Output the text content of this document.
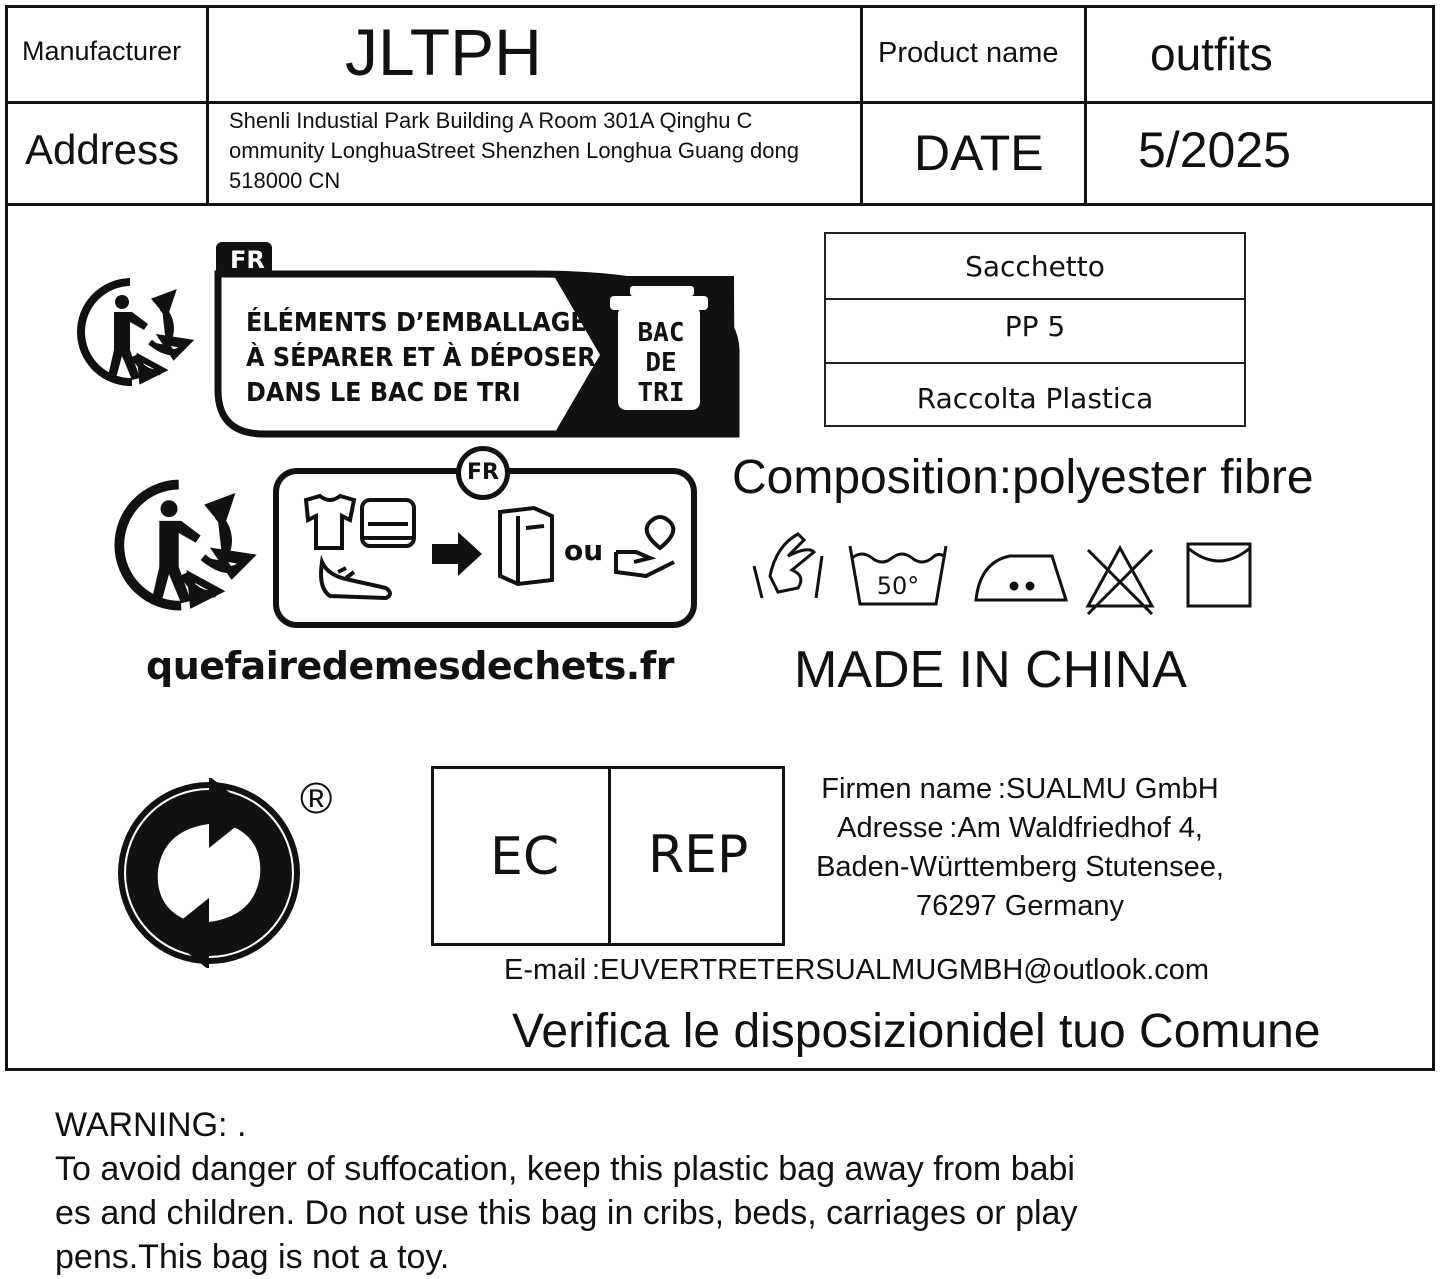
Manufacturer JLTPH	Product name outfits
Address
Shenli Industial Park Building A Room 301A Qinghu C ommunity LonghuaStreet Shenzhen Longhua Guang dong 518000 CN	DATE 5/2025
FR
ÉLÉMENTS D’EMBALLAGE
À SÉPARER ET À DÉPOSER
DANS LE BAC DE TRI
BAC
DE
TRI
Sacchetto
PP 5
Raccolta Plastica
FR
ou
quefairedemesdechets.fr
Composition:polyester fibre
50°
MADE IN CHINA
®
EC REP
Firmen name :SUALMU GmbH
Adresse :Am Waldfriedhof 4,
Baden-Württemberg Stutensee,
76297 Germany
E-mail :EUVERTRETERSUALMUGMBH@outlook.com
Verifica le disposizionidel tuo Comune
WARNING: .
To avoid danger of suffocation, keep this plastic bag away from babi
es and children. Do not use this bag in cribs, beds, carriages or play
pens.This bag is not a toy.
